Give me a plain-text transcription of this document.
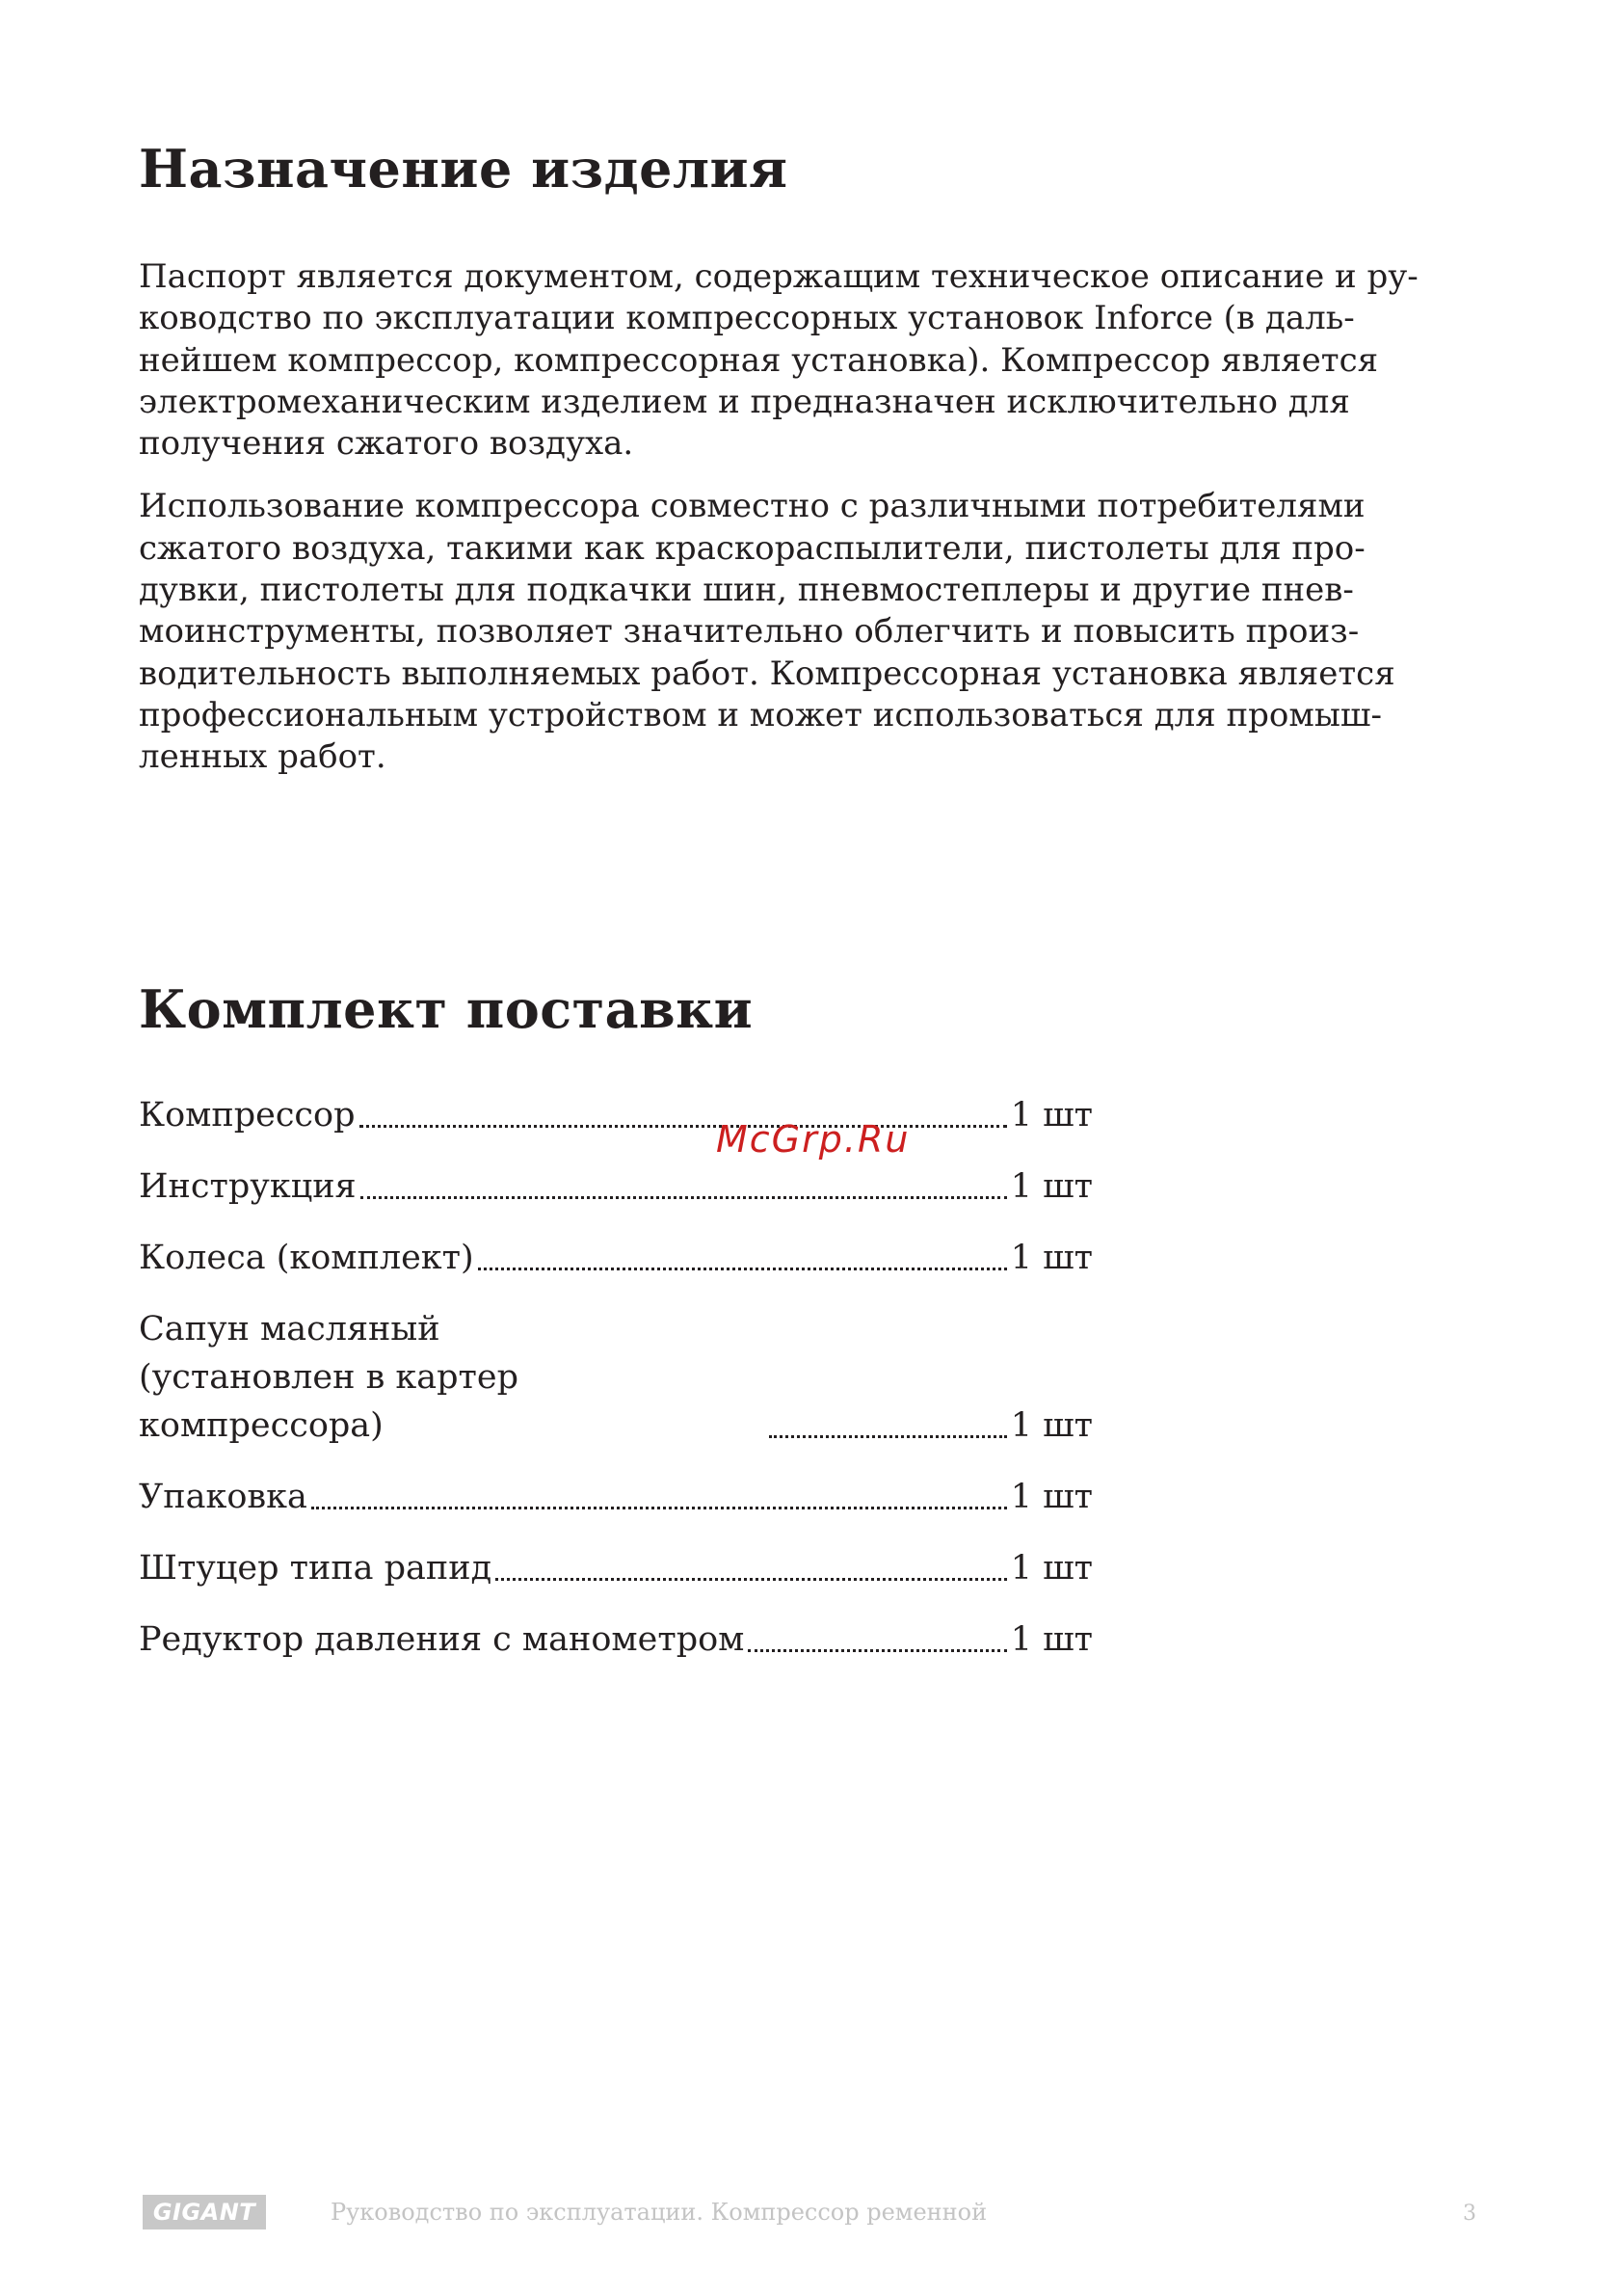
Назначение изделия

Паспорт является документом, содержащим техническое описание и ру-
ководство по эксплуатации компрессорных установок Inforce (в даль-
нейшем компрессор, компрессорная установка). Компрессор является
электромеханическим изделием и предназначен исключительно для
получения сжатого воздуха.

Использование компрессора совместно с различными потребителями
сжатого воздуха, такими как краскораспылители, пистолеты для про-
дувки, пистолеты для подкачки шин, пневмостеплеры и другие пнев-
моинструменты, позволяет значительно облегчить и повысить произ-
водительность выполняемых работ. Компрессорная установка является
профессиональным устройством и может использоваться для промыш-
ленных работ.

Комплект поставки
Компрессор	1 шт
Инструкция	1 шт
Колеса (комплект)	1 шт
Сапун масляный
(установлен в картер компрессора)	1 шт
Упаковка	1 шт
Штуцер типа рапид	1 шт
Редуктор давления с манометром	1 шт
McGrp.Ru
GIGANT	Руководство по эксплуатации. Компрессор ременной	3
